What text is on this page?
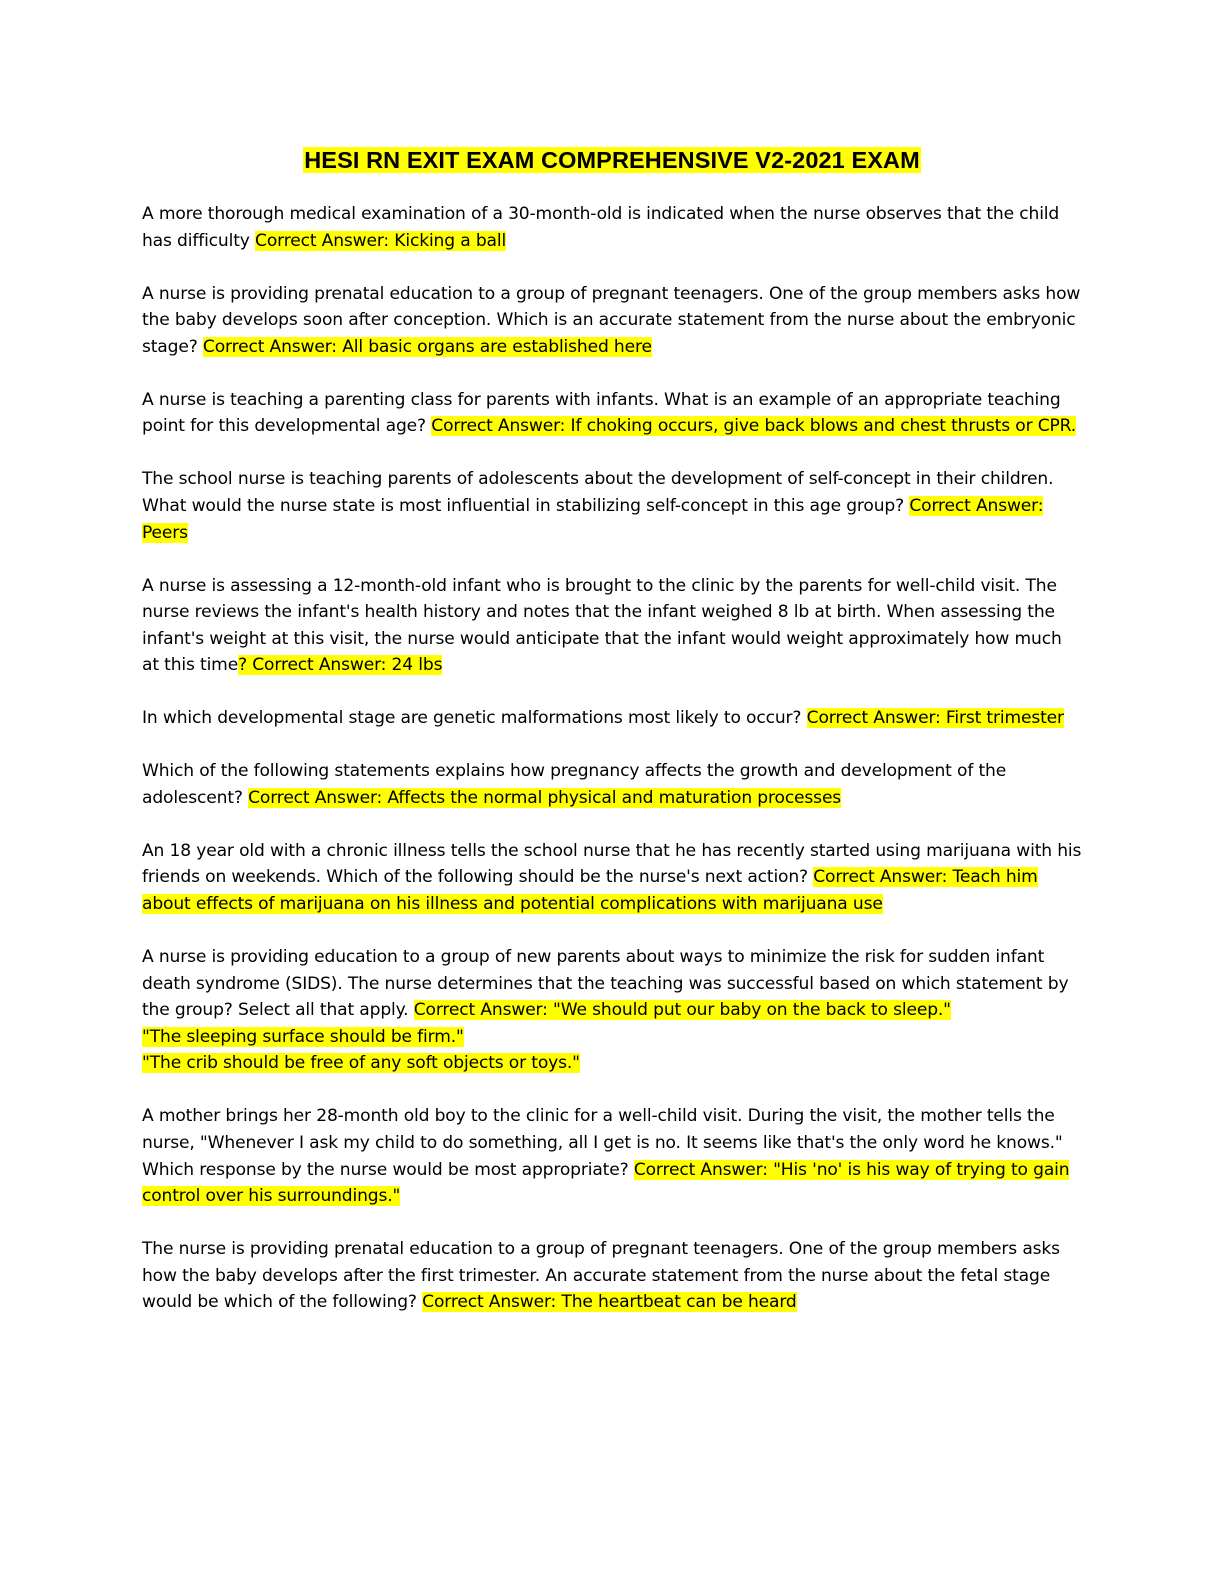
HESI RN EXIT EXAM COMPREHENSIVE V2-2021 EXAM

A more thorough medical examination of a 30-month-old is indicated when the nurse observes that the child has difficulty Correct Answer: Kicking a ball

A nurse is providing prenatal education to a group of pregnant teenagers. One of the group members asks how the baby develops soon after conception. Which is an accurate statement from the nurse about the embryonic stage? Correct Answer: All basic organs are established here

A nurse is teaching a parenting class for parents with infants. What is an example of an appropriate teaching point for this developmental age? Correct Answer: If choking occurs, give back blows and chest thrusts or CPR.

The school nurse is teaching parents of adolescents about the development of self-concept in their children. What would the nurse state is most influential in stabilizing self-concept in this age group? Correct Answer: Peers

A nurse is assessing a 12-month-old infant who is brought to the clinic by the parents for well-child visit. The nurse reviews the infant's health history and notes that the infant weighed 8 lb at birth. When assessing the infant's weight at this visit, the nurse would anticipate that the infant would weight approximately how much at this time? Correct Answer: 24 lbs

In which developmental stage are genetic malformations most likely to occur? Correct Answer: First trimester

Which of the following statements explains how pregnancy affects the growth and development of the adolescent? Correct Answer: Affects the normal physical and maturation processes

An 18 year old with a chronic illness tells the school nurse that he has recently started using marijuana with his friends on weekends. Which of the following should be the nurse's next action? Correct Answer: Teach him about effects of marijuana on his illness and potential complications with marijuana use

A nurse is providing education to a group of new parents about ways to minimize the risk for sudden infant death syndrome (SIDS). The nurse determines that the teaching was successful based on which statement by the group? Select all that apply. Correct Answer: "We should put our baby on the back to sleep."
"The sleeping surface should be firm."
"The crib should be free of any soft objects or toys."

A mother brings her 28-month old boy to the clinic for a well-child visit. During the visit, the mother tells the nurse, "Whenever I ask my child to do something, all I get is no. It seems like that's the only word he knows." Which response by the nurse would be most appropriate? Correct Answer: "His 'no' is his way of trying to gain control over his surroundings."

The nurse is providing prenatal education to a group of pregnant teenagers. One of the group members asks how the baby develops after the first trimester. An accurate statement from the nurse about the fetal stage would be which of the following? Correct Answer: The heartbeat can be heard
